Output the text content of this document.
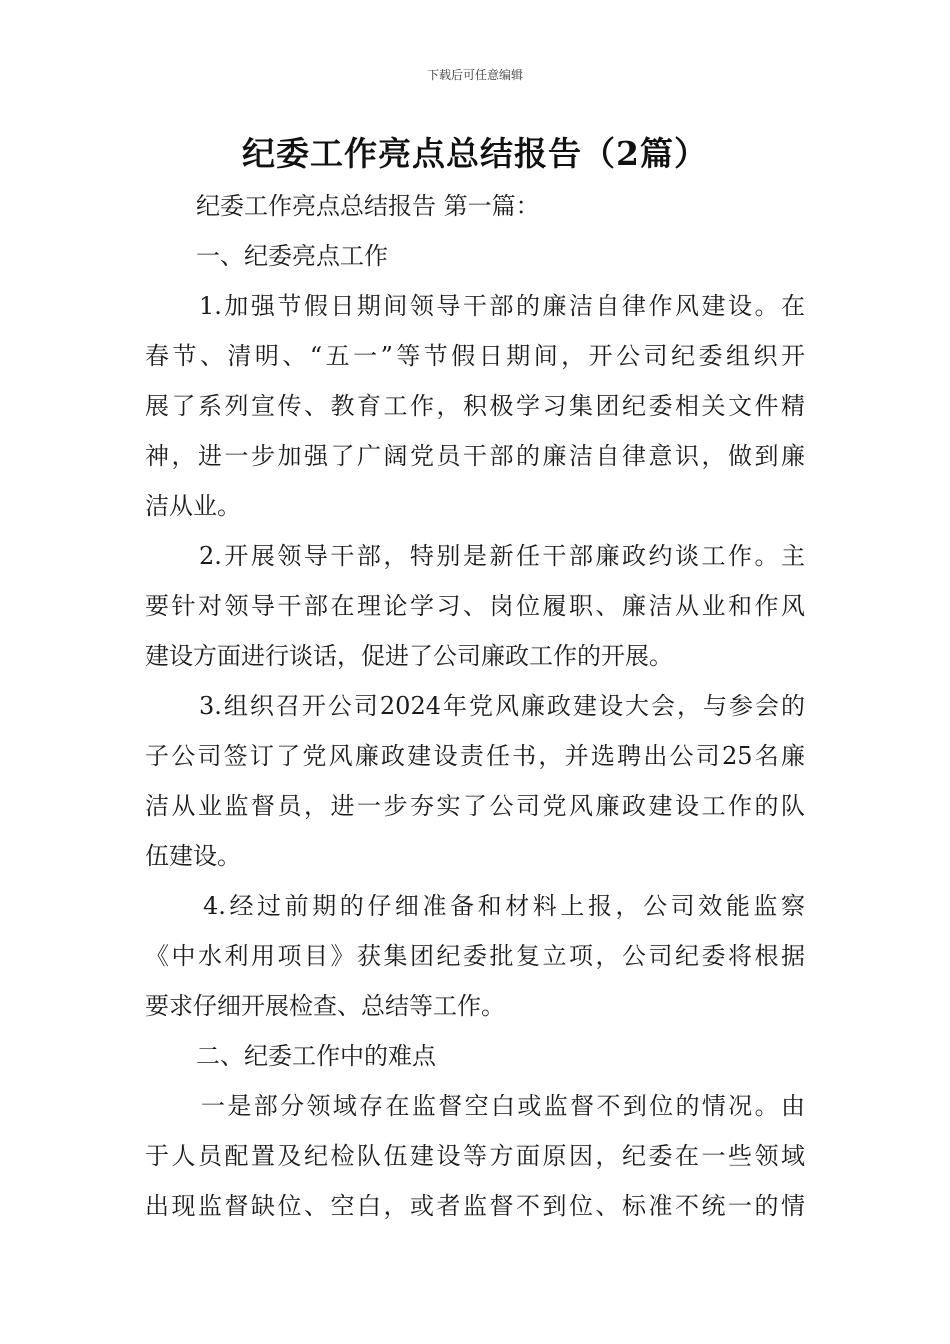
下载后可任意编辑
纪委工作亮点总结报告（2篇）
纪委工作亮点总结报告 第一篇：
一、纪委亮点工作
1.加强节假日期间领导干部的廉洁自律作风建设。在
春节、清明、“五一”等节假日期间，开公司纪委组织开
展了系列宣传、教育工作，积极学习集团纪委相关文件精
神，进一步加强了广阔党员干部的廉洁自律意识，做到廉
洁从业。
2.开展领导干部，特别是新任干部廉政约谈工作。主
要针对领导干部在理论学习、岗位履职、廉洁从业和作风
建设方面进行谈话，促进了公司廉政工作的开展。
3.组织召开公司2024年党风廉政建设大会，与参会的
子公司签订了党风廉政建设责任书，并选聘出公司25名廉
洁从业监督员，进一步夯实了公司党风廉政建设工作的队
伍建设。
4.经过前期的仔细准备和材料上报，公司效能监察
《中水利用项目》获集团纪委批复立项，公司纪委将根据
要求仔细开展检查、总结等工作。
二、纪委工作中的难点
一是部分领域存在监督空白或监督不到位的情况。由
于人员配置及纪检队伍建设等方面原因，纪委在一些领域
出现监督缺位、空白，或者监督不到位、标准不统一的情
